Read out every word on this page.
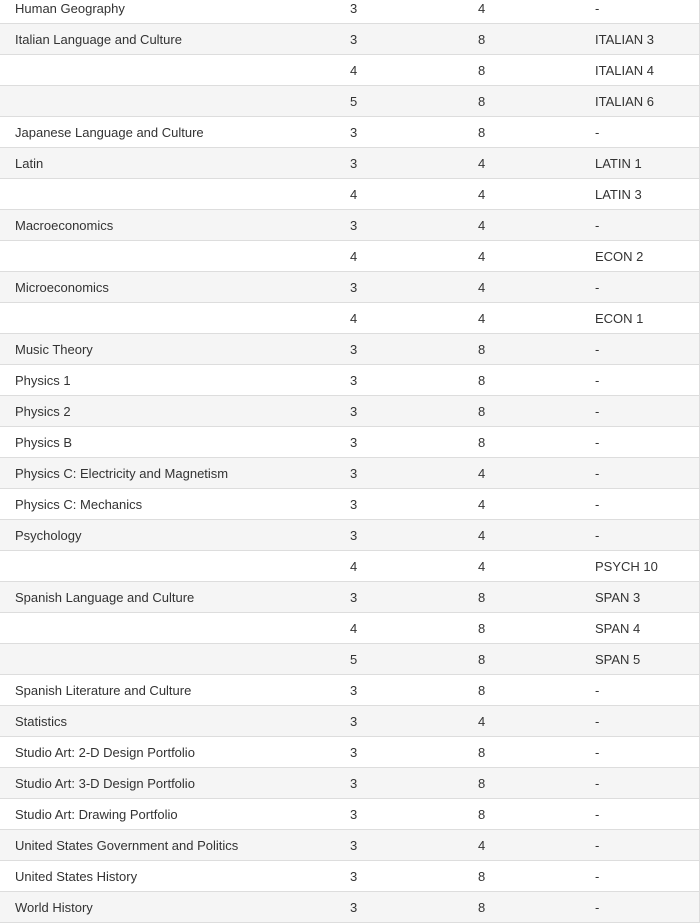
Human Geography	3	4	-
Italian Language and Culture	3	8	ITALIAN 3
	4	8	ITALIAN 4
	5	8	ITALIAN 6
Japanese Language and Culture	3	8	-
Latin	3	4	LATIN 1
	4	4	LATIN 3
Macroeconomics	3	4	-
	4	4	ECON 2
Microeconomics	3	4	-
	4	4	ECON 1
Music Theory	3	8	-
Physics 1	3	8	-
Physics 2	3	8	-
Physics B	3	8	-
Physics C: Electricity and Magnetism	3	4	-
Physics C: Mechanics	3	4	-
Psychology	3	4	-
	4	4	PSYCH 10
Spanish Language and Culture	3	8	SPAN 3
	4	8	SPAN 4
	5	8	SPAN 5
Spanish Literature and Culture	3	8	-
Statistics	3	4	-
Studio Art: 2-D Design Portfolio	3	8	-
Studio Art: 3-D Design Portfolio	3	8	-
Studio Art: Drawing Portfolio	3	8	-
United States Government and Politics	3	4	-
United States History	3	8	-
World History	3	8	-
